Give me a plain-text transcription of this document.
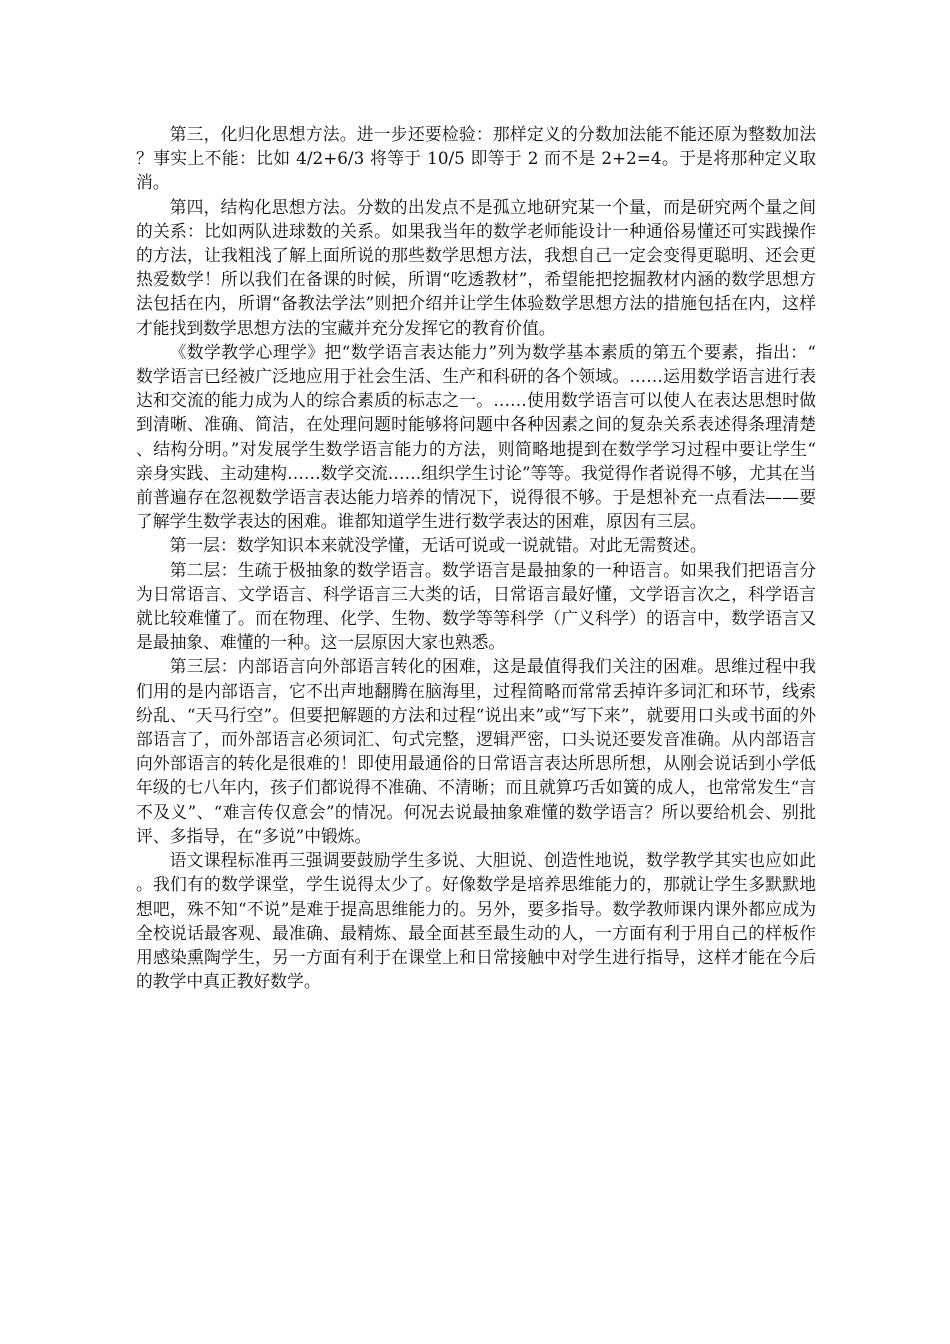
第三，化归化思想方法。进一步还要检验：那样定义的分数加法能不能还原为整数加法？事实上不能：比如 4/2+6/3 将等于 10/5 即等于 2 而不是 2+2=4。于是将那种定义取消。

第四，结构化思想方法。分数的出发点不是孤立地研究某一个量，而是研究两个量之间的关系：比如两队进球数的关系。如果我当年的数学老师能设计一种通俗易懂还可实践操作的方法，让我粗浅了解上面所说的那些数学思想方法，我想自己一定会变得更聪明、还会更热爱数学！所以我们在备课的时候，所谓“吃透教材”，希望能把挖掘教材内涵的数学思想方法包括在内，所谓“备教法学法”则把介绍并让学生体验数学思想方法的措施包括在内，这样才能找到数学思想方法的宝藏并充分发挥它的教育价值。

《数学教学心理学》把“数学语言表达能力”列为数学基本素质的第五个要素，指出：“数学语言已经被广泛地应用于社会生活、生产和科研的各个领域。……运用数学语言进行表达和交流的能力成为人的综合素质的标志之一。……使用数学语言可以使人在表达思想时做到清晰、准确、简洁，在处理问题时能够将问题中各种因素之间的复杂关系表述得条理清楚、结构分明。”对发展学生数学语言能力的方法，则简略地提到在数学学习过程中要让学生“亲身实践、主动建构……数学交流……组织学生讨论”等等。我觉得作者说得不够，尤其在当前普遍存在忽视数学语言表达能力培养的情况下，说得很不够。于是想补充一点看法——要了解学生数学表达的困难。谁都知道学生进行数学表达的困难，原因有三层。

第一层：数学知识本来就没学懂，无话可说或一说就错。对此无需赘述。

第二层：生疏于极抽象的数学语言。数学语言是最抽象的一种语言。如果我们把语言分为日常语言、文学语言、科学语言三大类的话，日常语言最好懂，文学语言次之，科学语言就比较难懂了。而在物理、化学、生物、数学等等科学（广义科学）的语言中，数学语言又是最抽象、难懂的一种。这一层原因大家也熟悉。

第三层：内部语言向外部语言转化的困难，这是最值得我们关注的困难。思维过程中我们用的是内部语言，它不出声地翻腾在脑海里，过程简略而常常丢掉许多词汇和环节，线索纷乱、“天马行空”。但要把解题的方法和过程“说出来”或“写下来”，就要用口头或书面的外部语言了，而外部语言必须词汇、句式完整，逻辑严密，口头说还要发音准确。从内部语言向外部语言的转化是很难的！即使用最通俗的日常语言表达所思所想，从刚会说话到小学低年级的七八年内，孩子们都说得不准确、不清晰；而且就算巧舌如簧的成人，也常常发生“言不及义”、“难言传仅意会”的情况。何况去说最抽象难懂的数学语言？所以要给机会、别批评、多指导，在“多说”中锻炼。

语文课程标准再三强调要鼓励学生多说、大胆说、创造性地说，数学教学其实也应如此。我们有的数学课堂，学生说得太少了。好像数学是培养思维能力的，那就让学生多默默地想吧，殊不知“不说”是难于提高思维能力的。另外，要多指导。数学教师课内课外都应成为全校说话最客观、最准确、最精炼、最全面甚至最生动的人，一方面有利于用自己的样板作用感染熏陶学生，另一方面有利于在课堂上和日常接触中对学生进行指导，这样才能在今后的教学中真正教好数学。
